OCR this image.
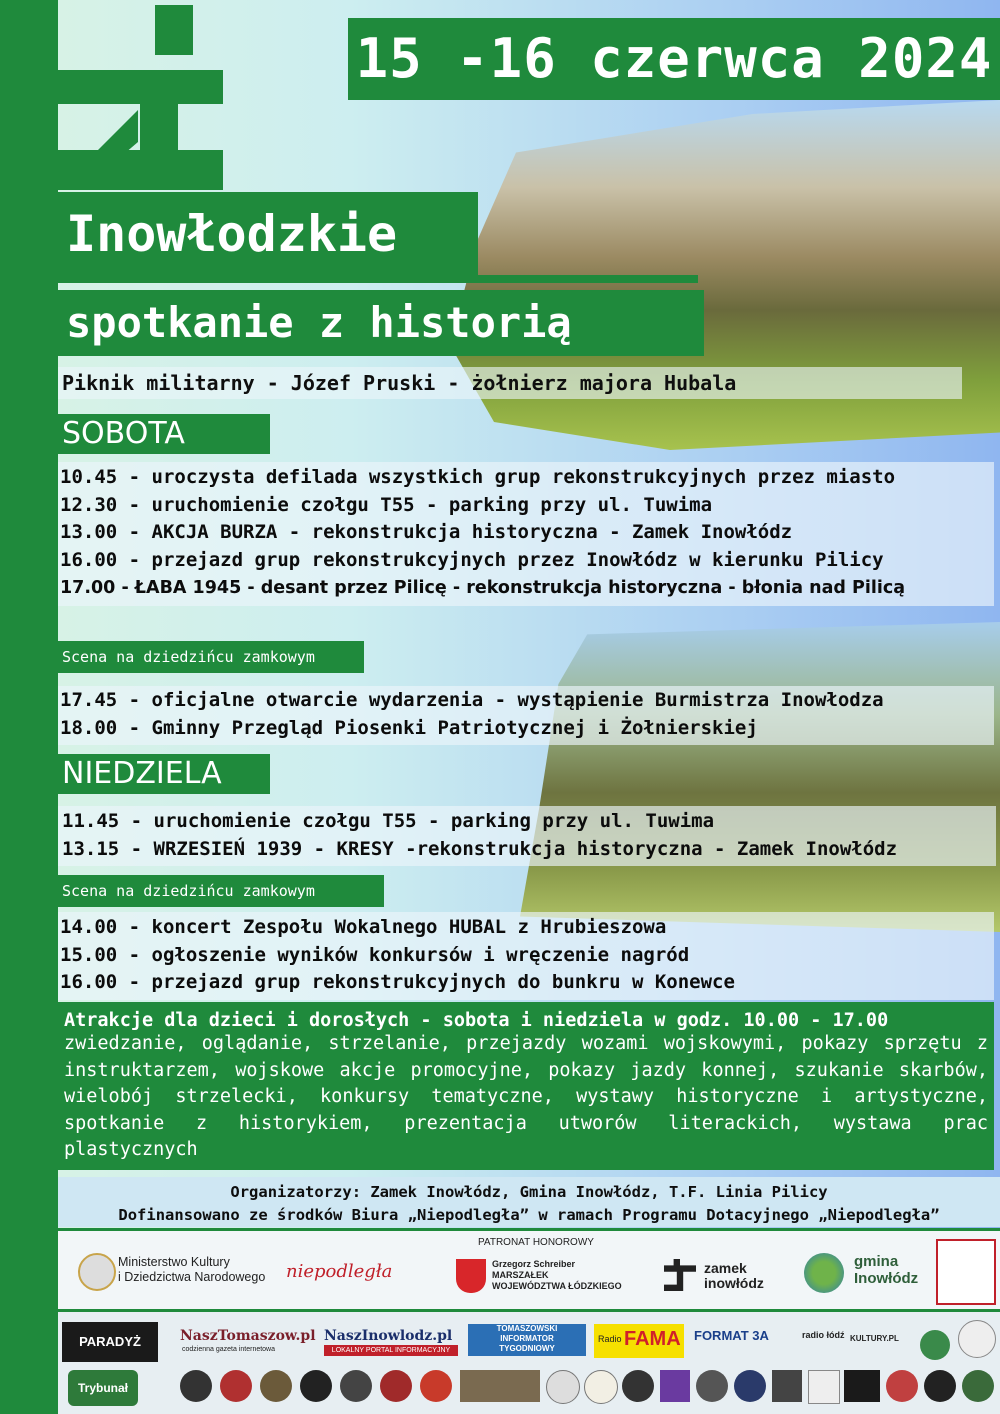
15 -16 czerwca 2024
Inowłodzkie
spotkanie z historią
Piknik militarny - Józef Pruski - żołnierz majora Hubala
SOBOTA
10.45 - uroczysta defilada wszystkich grup rekonstrukcyjnych przez miasto
12.30 - uruchomienie czołgu T55 - parking przy ul. Tuwima
13.00 - AKCJA BURZA - rekonstrukcja historyczna - Zamek Inowłódz
16.00 - przejazd grup rekonstrukcyjnych przez Inowłódz w kierunku Pilicy
17.00 - ŁABA 1945 - desant przez Pilicę - rekonstrukcja historyczna - błonia nad Pilicą
Scena na dziedzińcu zamkowym
17.45 - oficjalne otwarcie wydarzenia - wystąpienie Burmistrza Inowłodza
18.00 - Gminny Przegląd Piosenki Patriotycznej i Żołnierskiej
NIEDZIELA
11.45 - uruchomienie czołgu T55 - parking przy ul. Tuwima
13.15 - WRZESIEŃ 1939 - KRESY -rekonstrukcja historyczna - Zamek Inowłódz
Scena na dziedzińcu zamkowym
14.00 - koncert Zespołu Wokalnego HUBAL z Hrubieszowa
15.00 - ogłoszenie wyników konkursów i wręczenie nagród
16.00 - przejazd grup rekonstrukcyjnych do bunkru w Konewce
Atrakcje dla dzieci i dorosłych - sobota i niedziela w godz. 10.00 - 17.00
zwiedzanie, oglądanie, strzelanie, przejazdy wozami wojskowymi, pokazy sprzętu z instruktarzem, wojskowe akcje promocyjne, pokazy jazdy konnej, szukanie skarbów, wielobój strzelecki, konkursy tematyczne, wystawy historyczne i artystyczne, spotkanie z historykiem, prezentacja utworów literackich, wystawa prac plastycznych
Organizatorzy: Zamek Inowłódz, Gmina Inowłódz, T.F. Linia Pilicy
Dofinansowano ze środków Biura „Niepodległa” w ramach Programu Dotacyjnego „Niepodległa”
Ministerstwo Kultury
i Dziedzictwa Narodowego niepodległa
PATRONAT HONOROWY
Grzegorz Schreiber
MARSZAŁEK
WOJEWÓDZTWA ŁÓDZKIEGO
zamek
inowłódz
gmina
Inowłódz
PARADYŻ
Trybunał
NaszTomaszow.pl
codzienna gazeta internetowa
NaszInowlodz.pl
LOKALNY PORTAL INFORMACYJNY
TOMASZOWSKI
INFORMATOR
TYGODNIOWY
Radio FAMA FORMAT 3A	radio łódź KULTURY.PL
